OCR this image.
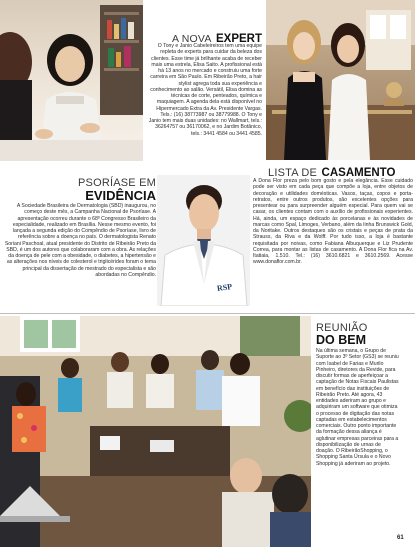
A NOVA EXPERT
O Tony e Janio Cabeleireiros tem uma equipe repleta de experts para cuidar da beleza dos clientes. Esse time já brilhante acaba de receber mais uma estrela, Elisa Saito. A profissional está há 13 anos no mercado e construiu uma forte carreira em São Paulo. Em Ribeirão Preto, a hair stylist agrega toda sua experiência e conhecimento ao salão. Versátil, Elisa domina as técnicas de corte, penteados, química e maquiagem. A agenda dela está disponível no Hipermercado Extra da Av. Presidente Vargas. Tels.: (16) 38773987 ou 38779988. O Tony e Janio tem mais duas unidades: no Wallmart, tels.: 36264757 ou 36170062, e no Jardim Botânico, tels.: 3441 4584 ou 3441 4585.
PSORÍASE EM
EVIDÊNCIA
A Sociedade Brasileira de Dermatologia (SBD) inaugurou, no começo deste mês, a Campanha Nacional de Psoríase. A apresentação ocorreu durante o 68º Congresso Brasileiro da especialidade, realizado em Brasília. Nesse mesmo evento, foi lançada a segunda edição do Compêndio de Psoríase, livro de referência sobre a doença no país. O dermatologista Renato Soriani Paschoal, atual presidente do Distrito de Ribeirão Preto da SBD, é um dos autores que colaboraram com a obra. As relações da doença de pele com a obesidade, o diabetes, a hipertensão e as alterações nos níveis de colesterol e triglicérides foram o tema principal da dissertação de mestrado do especialista e são abordadas no Compêndio.
RSP
LISTA DE CASAMENTO
A Dona Flor preza pelo bom gosto e pela elegância. Esse cuidado pode ser visto em cada peça que compõe a loja, entre objetos de decoração e utilidades domésticas. Vasos, taças, copos e porta-retratos, entre outros produtos, são excelentes opções para presentear ou para surpreender alguém especial. Para quem vai se casar, os clientes contam com o auxílio de profissionais experientes. Há, ainda, um espaço dedicado às porcelanas e às novidades de marcas como Spal, Limoges, Verbano, além da linha Brunswick Gold, da Noritake. Outros destaques são os cristais e peças de prata da Strauss, da Riva e da Wolff. Por tudo isso, a loja é bastante requisitada por noivas, como Fabiana Albuquerque e Liz Prudente Correa, para montar as listas de casamento. A Dona Flor fica na Av. Itatiaia, 1.510. Tel.: (16) 3610.6821 e 3610.2569. Acesse www.donaflor.com.br.
REUNIÃO
DO BEM
Na última semana, o Grupo de Suporte ao 3º Setor (GS3) se reuniu com Isabel de Farias e Murilo Pinheiro, diretores da Revide, para discutir formas de aperfeiçoar a captação de Notas Fiscais Paulistas em benefício das instituições de Ribeirão Preto. Até agora, 43 entidades aderiram ao grupo e adquiriram um software que otimiza o processo de digitação das notas captadas em estabelecimentos comerciais. Outro ponto importante da formação dessa aliança é aglutinar empresas parceiras para a disponibilização de urnas de doação. O RibeirãoShopping, o Shopping Santa Úrsula e o Novo Shopping já aderiram ao projeto.
61
